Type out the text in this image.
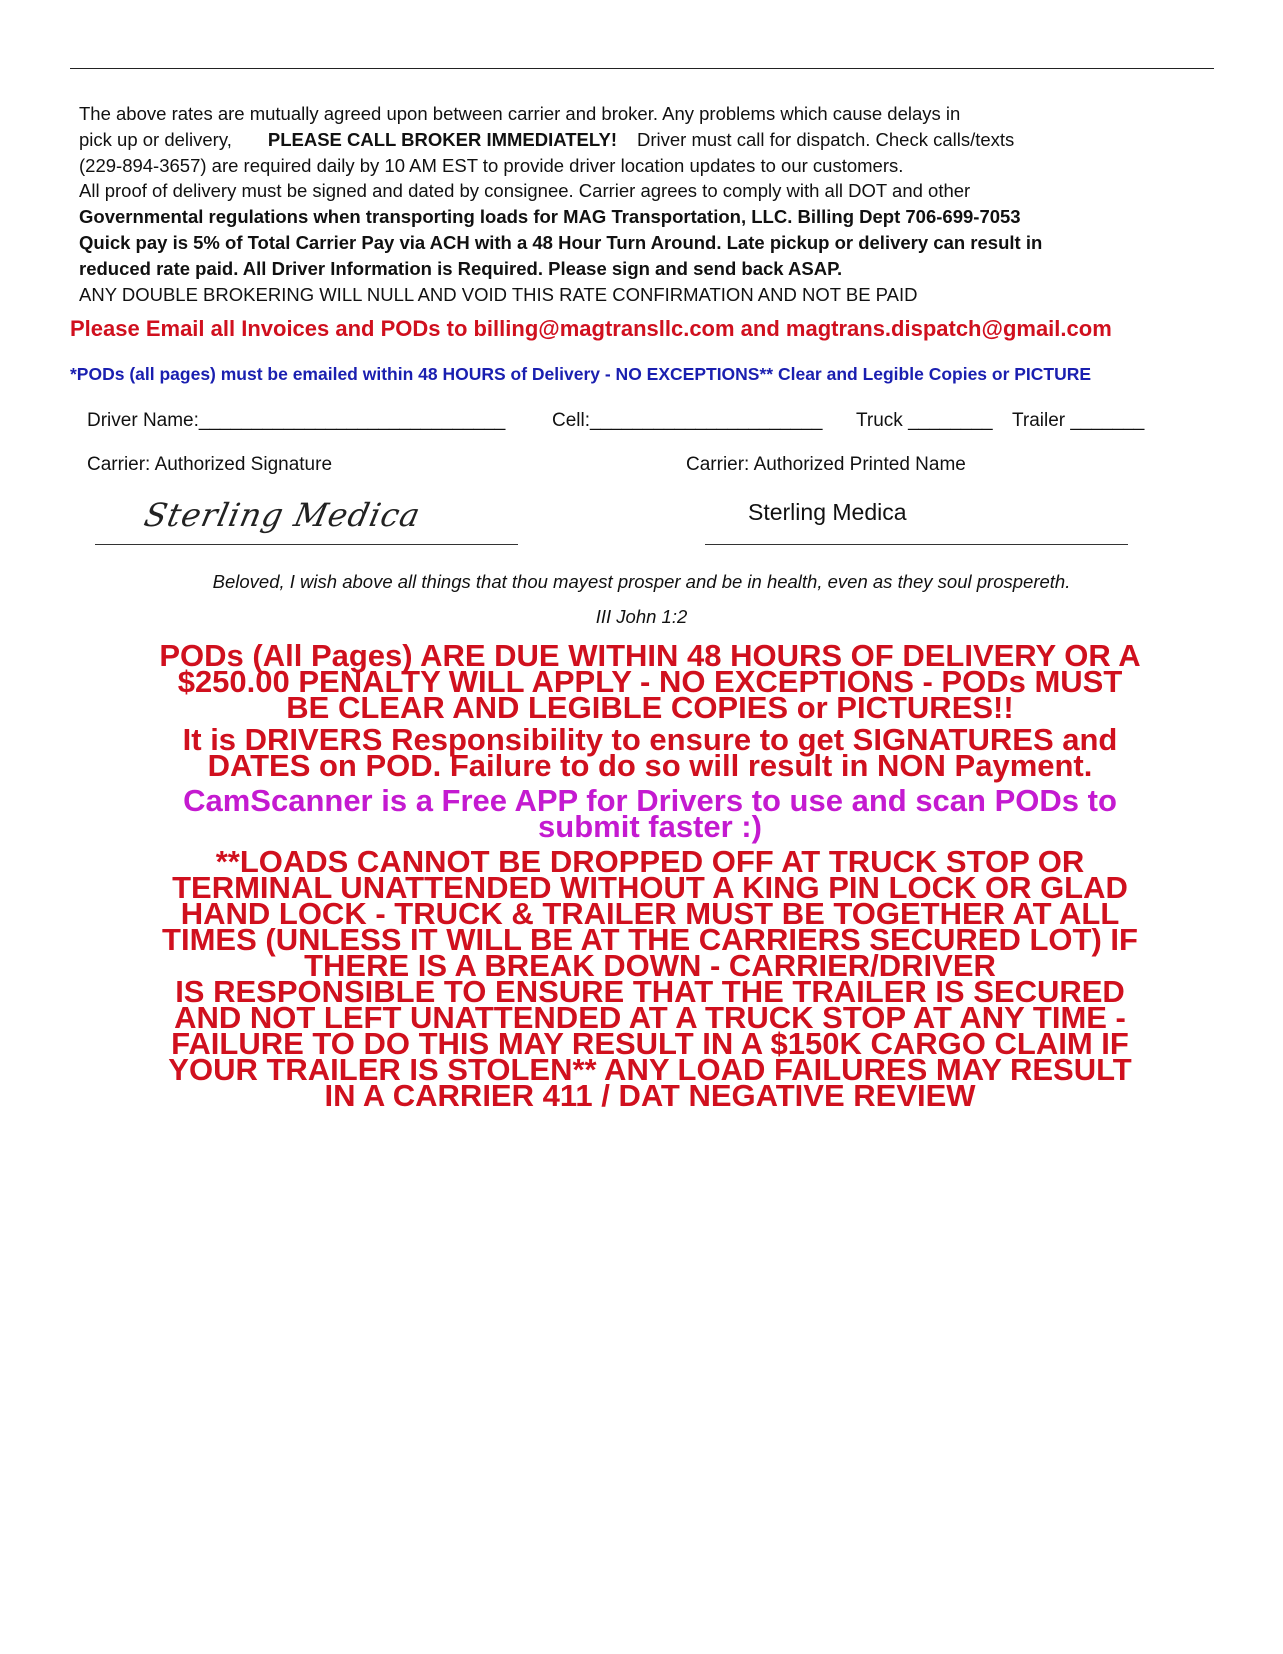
The above rates are mutually agreed upon between carrier and broker. Any problems which cause delays in
pick up or delivery, PLEASE CALL BROKER IMMEDIATELY! Driver must call for dispatch. Check calls/texts
(229-894-3657) are required daily by 10 AM EST to provide driver location updates to our customers.
All proof of delivery must be signed and dated by consignee. Carrier agrees to comply with all DOT and other
Governmental regulations when transporting loads for MAG Transportation, LLC. Billing Dept 706-699-7053
Quick pay is 5% of Total Carrier Pay via ACH with a 48 Hour Turn Around. Late pickup or delivery can result in
reduced rate paid. All Driver Information is Required. Please sign and send back ASAP.
ANY DOUBLE BROKERING WILL NULL AND VOID THIS RATE CONFIRMATION AND NOT BE PAID
Please Email all Invoices and PODs to billing@magtransllc.com and magtrans.dispatch@gmail.com
*PODs (all pages) must be emailed within 48 HOURS of Delivery - NO EXCEPTIONS** Clear and Legible Copies or PICTURE
Driver Name:_____________________________ Cell:______________________ Truck ________ Trailer _______
Carrier: Authorized Signature	Carrier: Authorized Printed Name
Sterling Medica	Sterling Medica
Beloved, I wish above all things that thou mayest prosper and be in health, even as they soul prospereth.
III John 1:2
PODs (All Pages) ARE DUE WITHIN 48 HOURS OF DELIVERY OR A
$250.00 PENALTY WILL APPLY - NO EXCEPTIONS - PODs MUST
BE CLEAR AND LEGIBLE COPIES or PICTURES!!
It is DRIVERS Responsibility to ensure to get SIGNATURES and
DATES on POD. Failure to do so will result in NON Payment.
CamScanner is a Free APP for Drivers to use and scan PODs to
submit faster :)
**LOADS CANNOT BE DROPPED OFF AT TRUCK STOP OR
TERMINAL UNATTENDED WITHOUT A KING PIN LOCK OR GLAD
HAND LOCK - TRUCK & TRAILER MUST BE TOGETHER AT ALL
TIMES (UNLESS IT WILL BE AT THE CARRIERS SECURED LOT) IF
THERE IS A BREAK DOWN - CARRIER/DRIVER
IS RESPONSIBLE TO ENSURE THAT THE TRAILER IS SECURED
AND NOT LEFT UNATTENDED AT A TRUCK STOP AT ANY TIME -
FAILURE TO DO THIS MAY RESULT IN A $150K CARGO CLAIM IF
YOUR TRAILER IS STOLEN** ANY LOAD FAILURES MAY RESULT
IN A CARRIER 411 / DAT NEGATIVE REVIEW
